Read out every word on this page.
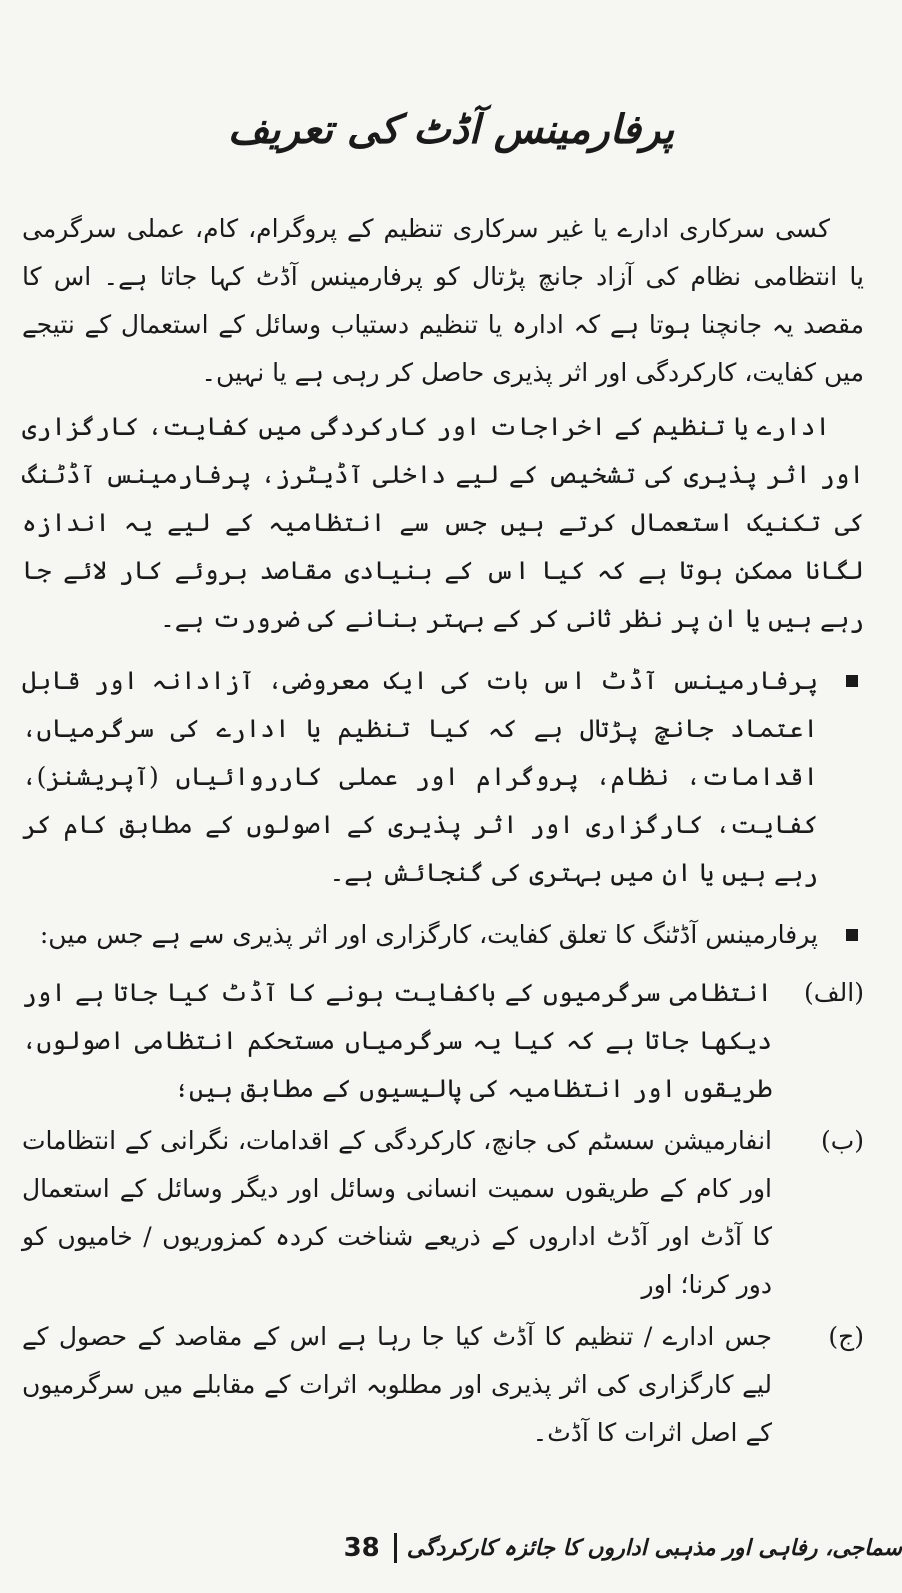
پرفارمینس آڈٹ کی تعریف

کسی سرکاری ادارے یا غیر سرکاری تنظیم کے پروگرام، کام، عملی سرگرمی یا انتظامی نظام کی آزاد جانچ پڑتال کو پرفارمینس آڈٹ کہا جاتا ہے۔ اس کا مقصد یہ جانچنا ہوتا ہے کہ ادارہ یا تنظیم دستیاب وسائل کے استعمال کے نتیجے میں کفایت، کارکردگی اور اثر پذیری حاصل کر رہی ہے یا نہیں۔

ادارے یا تنظیم کے اخراجات اور کارکردگی میں کفایت، کارگزاری اور اثر پذیری کی تشخیص کے لیے داخلی آڈیٹرز، پرفارمینس آڈٹنگ کی تکنیک استعمال کرتے ہیں جس سے انتظامیہ کے لیے یہ اندازہ لگانا ممکن ہوتا ہے کہ کیا اس کے بنیادی مقاصد بروئے کار لائے جا رہے ہیں یا ان پر نظر ثانی کر کے بہتر بنانے کی ضرورت ہے۔

پرفارمینس آڈٹ اس بات کی ایک معروضی، آزادانہ اور قابل اعتماد جانچ پڑتال ہے کہ کیا تنظیم یا ادارے کی سرگرمیاں، اقدامات، نظام، پروگرام اور عملی کارروائیاں (آپریشنز)، کفایت، کارگزاری اور اثر پذیری کے اصولوں کے مطابق کام کر رہے ہیں یا ان میں بہتری کی گنجائش ہے۔

پرفارمینس آڈٹنگ کا تعلق کفایت، کارگزاری اور اثر پذیری سے ہے جس میں:

(الف)
انتظامی سرگرمیوں کے باکفایت ہونے کا آڈٹ کیا جاتا ہے اور دیکھا جاتا ہے کہ کیا یہ سرگرمیاں مستحکم انتظامی اصولوں، طریقوں اور انتظامیہ کی پالیسیوں کے مطابق ہیں؛
(ب)
انفارمیشن سسٹم کی جانچ، کارکردگی کے اقدامات، نگرانی کے انتظامات اور کام کے طریقوں سمیت انسانی وسائل اور دیگر وسائل کے استعمال کا آڈٹ اور آڈٹ اداروں کے ذریعے شناخت کردہ کمزوریوں / خامیوں کو دور کرنا؛ اور
(ج)
جس ادارے / تنظیم کا آڈٹ کیا جا رہا ہے اس کے مقاصد کے حصول کے لیے کارگزاری کی اثر پذیری اور مطلوبہ اثرات کے مقابلے میں سرگرمیوں کے اصل اثرات کا آڈٹ۔
38	سماجی، رفاہی اور مذہبی اداروں کا جائزہ کارکردگی
